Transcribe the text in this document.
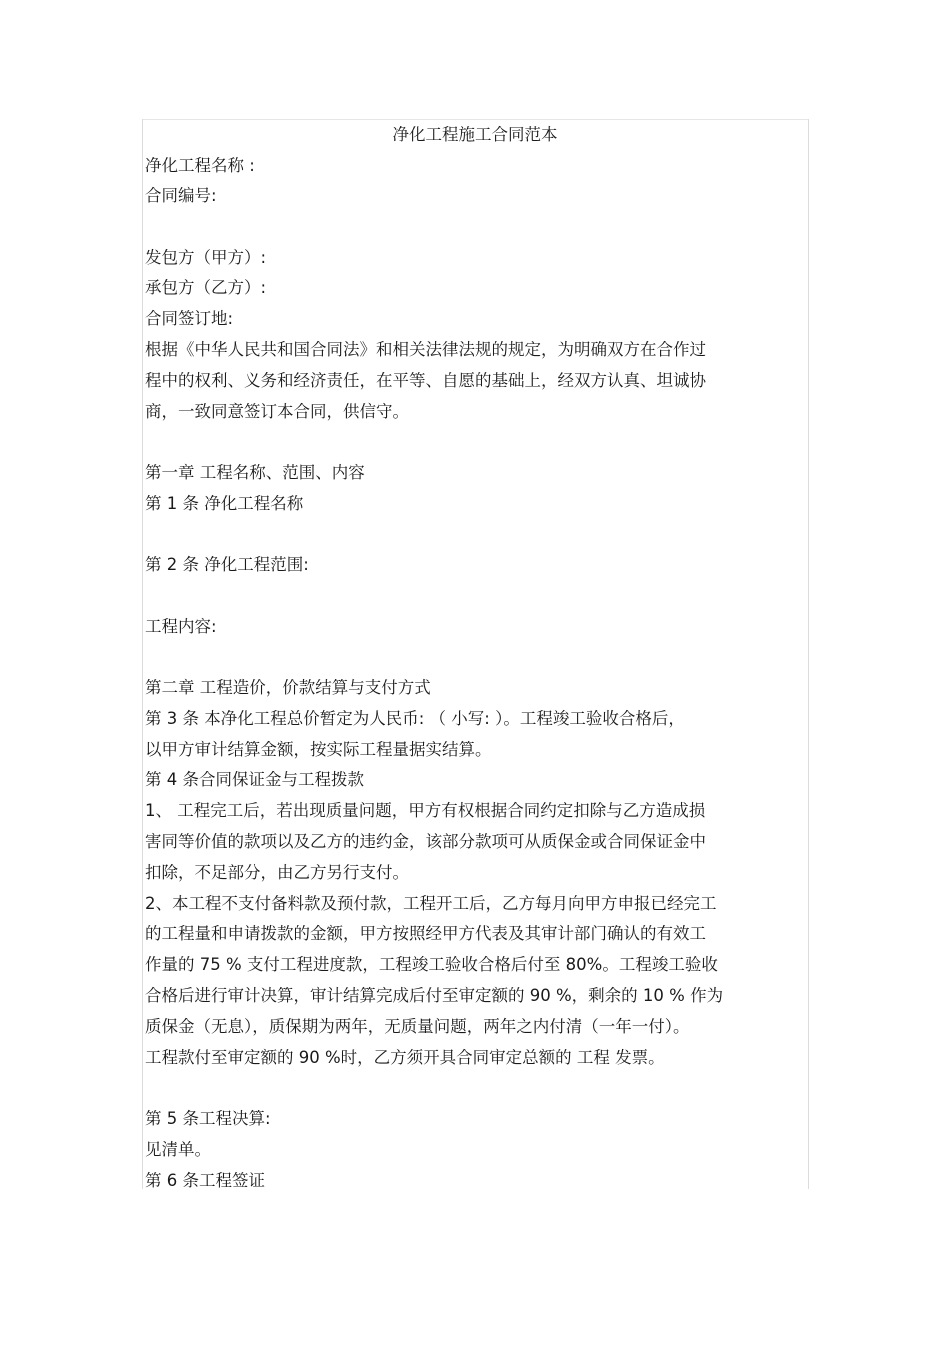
净化工程施工合同范本
净化工程名称 :
合同编号:
发包方（甲方）:
承包方（乙方）:
合同签订地:
根据《中华人民共和国合同法》和相关法律法规的规定，为明确双方在合作过
程中的权利、义务和经济责任，在平等、自愿的基础上，经双方认真、坦诚协
商，一致同意签订本合同，供信守。
第一章 工程名称、范围、内容
第 1 条 净化工程名称
第 2 条 净化工程范围:
工程内容:
第二章 工程造价，价款结算与支付方式
第 3 条 本净化工程总价暂定为人民币: （ 小写: ）。工程竣工验收合格后，
以甲方审计结算金额，按实际工程量据实结算。
第 4 条合同保证金与工程拨款
1、 工程完工后，若出现质量问题，甲方有权根据合同约定扣除与乙方造成损
害同等价值的款项以及乙方的违约金，该部分款项可从质保金或合同保证金中
扣除，不足部分，由乙方另行支付。
2、本工程不支付备料款及预付款，工程开工后，乙方每月向甲方申报已经完工
的工程量和申请拨款的金额，甲方按照经甲方代表及其审计部门确认的有效工
作量的 75 % 支付工程进度款，工程竣工验收合格后付至 80%。工程竣工验收
合格后进行审计决算，审计结算完成后付至审定额的 90 %，剩余的 10 % 作为
质保金（无息），质保期为两年，无质量问题，两年之内付清（一年一付）。
工程款付至审定额的 90 %时，乙方须开具合同审定总额的 工程 发票。
第 5 条工程决算:
见清单。
第 6 条工程签证
